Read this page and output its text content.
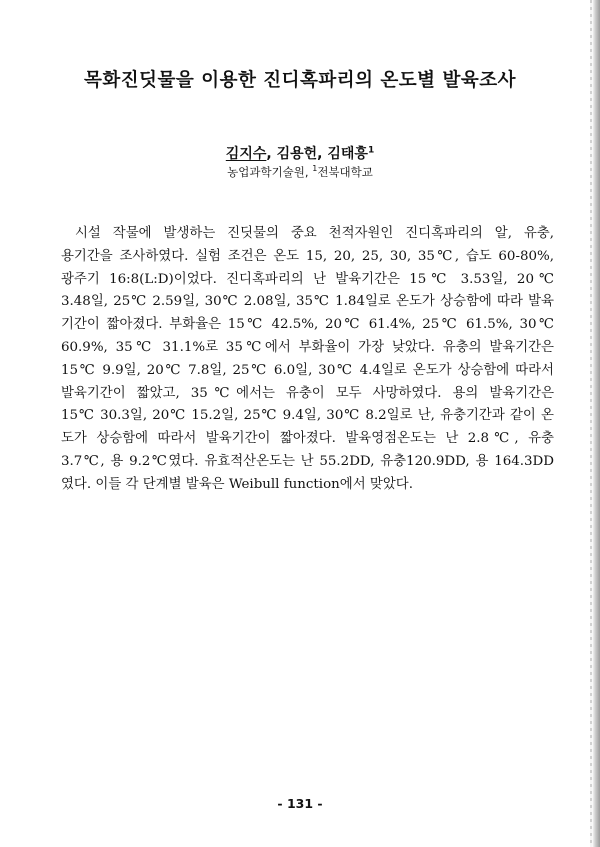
목화진딧물을 이용한 진디혹파리의 온도별 발육조사
김지수, 김용헌, 김태흥$^1$
농업과학기술원, $^1$전북대학교
시설 작물에 발생하는 진딧물의 중요 천적자원인 진디혹파리의 알, 유충,
용기간을 조사하였다. 실험 조건은 온도 15, 20, 25, 30, 35℃, 습도 60-80%,
광주기 16:8(L:D)이었다. 진디혹파리의 난 발육기간은 15℃ 3.53일, 20℃
3.48일, 25℃ 2.59일, 30℃ 2.08일, 35℃ 1.84일로 온도가 상승함에 따라 발육
기간이 짧아졌다. 부화율은 15℃ 42.5%, 20℃ 61.4%, 25℃ 61.5%, 30℃
60.9%, 35℃ 31.1%로 35℃에서 부화율이 가장 낮았다. 유충의 발육기간은
15℃ 9.9일, 20℃ 7.8일, 25℃ 6.0일, 30℃ 4.4일로 온도가 상승함에 따라서
발육기간이 짧았고, 35℃에서는 유충이 모두 사망하였다. 용의 발육기간은
15℃ 30.3일, 20℃ 15.2일, 25℃ 9.4일, 30℃ 8.2일로 난, 유충기간과 같이 온
도가 상승함에 따라서 발육기간이 짧아졌다. 발육영점온도는 난 2.8℃, 유충
3.7℃, 용 9.2℃였다. 유효적산온도는 난 55.2DD, 유충120.9DD, 용 164.3DD
였다. 이들 각 단계별 발육은 Weibull function에서 맞았다.
- 131 -
